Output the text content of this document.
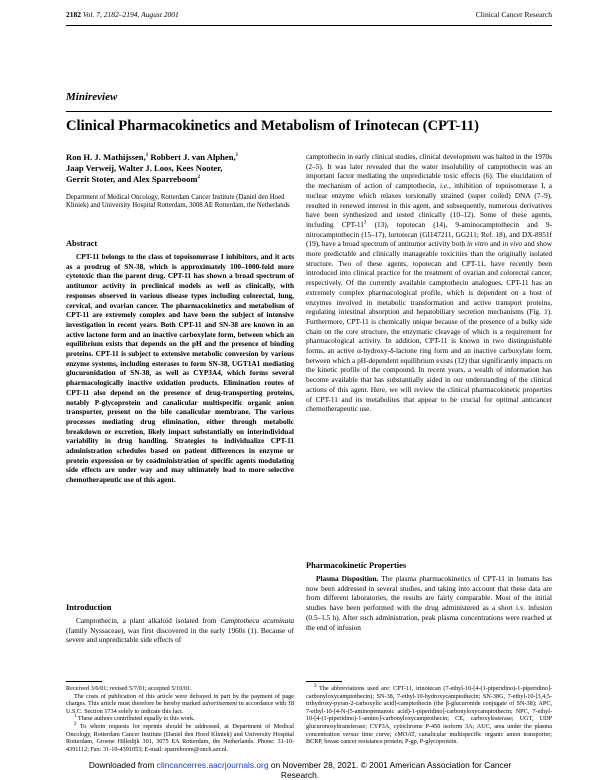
2182 Vol. 7, 2182–2194, August 2001	Clinical Cancer Research
Minireview
Clinical Pharmacokinetics and Metabolism of Irinotecan (CPT-11)
Ron H. J. Mathijssen,$^1$ Robbert J. van Alphen,$^1$
Jaap Verweij, Walter J. Loos, Kees Nooter,
Gerrit Stoter, and Alex Sparreboom$^2$
Department of Medical Oncology, Rotterdam Cancer Institute (Daniel den Hoed Kliniek) and University Hospital Rotterdam, 3008 AE Rotterdam, the Netherlands
Abstract
CPT-11 belongs to the class of topoisomerase I inhibitors, and it acts as a prodrug of SN-38, which is approximately 100–1000-fold more cytotoxic than the parent drug. CPT-11 has shown a broad spectrum of antitumor activity in preclinical models as well as clinically, with responses observed in various disease types including colorectal, lung, cervical, and ovarian cancer. The pharmacokinetics and metabolism of CPT-11 are extremely complex and have been the subject of intensive investigation in recent years. Both CPT-11 and SN-38 are known in an active lactone form and an inactive carboxylate form, between which an equilibrium exists that depends on the pH and the presence of binding proteins. CPT-11 is subject to extensive metabolic conversion by various enzyme systems, including esterases to form SN-38, UGT1A1 mediating glucuronidation of SN-38, as well as CYP3A4, which forms several pharmacologically inactive oxidation products. Elimination routes of CPT-11 also depend on the presence of drug-transporting proteins, notably P-glycoprotein and canalicular multispecific organic anion transporter, present on the bile canalicular membrane. The various processes mediating drug elimination, either through metabolic breakdown or excretion, likely impact substantially on interindividual variability in drug handling. Strategies to individualize CPT-11 administration schedules based on patient differences in enzyme or protein expression or by coadministration of specific agents modulating side effects are under way and may ultimately lead to more selective chemotherapeutic use of this agent.
Introduction
Camptothecin, a plant alkaloid isolated from Camptotheca acuminata (family Nyssaceae), was first discovered in the early 1960s (1). Because of severe and unpredictable side effects of
camptothecin in early clinical studies, clinical development was halted in the 1970s (2–5). It was later revealed that the water insolubility of camptothecin was an important factor mediating the unpredictable toxic effects (6). The elucidation of the mechanism of action of camptothecin, i.e., inhibition of topoisomerase I, a nuclear enzyme which relaxes torsionally strained (super coiled) DNA (7–9), resulted in renewed interest in this agent, and subsequently, numerous derivatives have been synthesized and tested clinically (10–12). Some of these agents, including CPT-$11^3$ (13), topotecan (14), 9-aminocamptothecin and 9-nitrocamptothecin (15–17), lurtotecan (GI147211, GG211; Ref. 18), and DX-8951f (19), have a broad spectrum of antitumor activity both in vitro and in vivo and show more predictable and clinically manageable toxicities than the originally isolated structure. Two of these agents, topotecan and CPT-11, have recently been introduced into clinical practice for the treatment of ovarian and colorectal cancer, respectively. Of the currently available camptothecin analogues, CPT-11 has an extremely complex pharmacological profile, which is dependent on a host of enzymes involved in metabolic transformation and active transport proteins, regulating intestinal absorption and hepatobiliary secretion mechanisms (Fig. 1). Furthermore, CPT-11 is chemically unique because of the presence of a bulky side chain on the core structure, the enzymatic cleavage of which is a requirement for pharmacological activity. In addition, CPT-11 is known in two distinguishable forms, an active α-hydroxy-δ-lactone ring form and an inactive carboxylate form, between which a pH-dependent equilibrium exists (12) that significantly impacts on the kinetic profile of the compound. In recent years, a wealth of information has become available that has substantially aided in our understanding of the clinical actions of this agent. Here, we will review the clinical pharmacokinetic properties of CPT-11 and its metabolites that appear to be crucial for optimal anticancer chemotherapeutic use.
Pharmacokinetic Properties
Plasma Disposition. The plasma pharmacokinetics of CPT-11 in humans has now been addressed in several studies, and taking into account that these data are from different laboratories, the results are fairly comparable. Most of the initial studies have been performed with the drug administered as a short i.v. infusion (0.5–1.5 h). After such administration, peak plasma concentrations were reached at the end of infusion

Received 3/6/01; revised 5/7/01; accepted 5/10/01.

The costs of publication of this article were defrayed in part by the payment of page charges. This article must therefore be hereby marked advertisement in accordance with 18 U.S.C. Section 1734 solely to indicate this fact.

$^1$ These authors contributed equally to this work.

$^2$ To whom requests for reprints should be addressed, at Department of Medical Oncology, Rotterdam Cancer Institute (Daniel den Hoed Kliniek) and University Hospital Rotterdam, Groene Hilledijk 301, 3075 EA Rotterdam, the Netherlands. Phone: 31-10-4391112; Fax: 31-10-4391053; E-mail: sparreboom@onch.azr.nl.

$^3$ The abbreviations used are: CPT-11, irinotecan (7-ethyl-10-[4-(1-piperidino)-1-piperidino]-carbonyloxycamptothecin); SN-38, 7-ethyl-10-hydroxycamptothecin; SN-38G, 7-ethyl-10-[3,4,5-trihydroxy-pyran-2-carboxylic acid]-camptothecin (the β-glucuronide conjugate of SN-38); APC, 7-ethyl-10-[4-N-(5-aminopentanoic acid)-1-piperidino]-carbonyloxycamptothecin; NPC, 7-ethyl-10-[4-(1-piperidino)-1-amino]-carbonyloxycamptothecin; CE, carboxylesterase; UGT, UDP glucuronosyltransferase; CYP3A, cytochrome P-450 isoform 3A; AUC, area under the plasma concentration versus time curve; cMOAT, canalicular multispecific organic anion transporter; BCRP, breast cancer resistance protein; P-gp, P-glycoprotein.
Downloaded from clincancerres.aacrjournals.org on November 28, 2021. © 2001 American Association for Cancer
Research.
